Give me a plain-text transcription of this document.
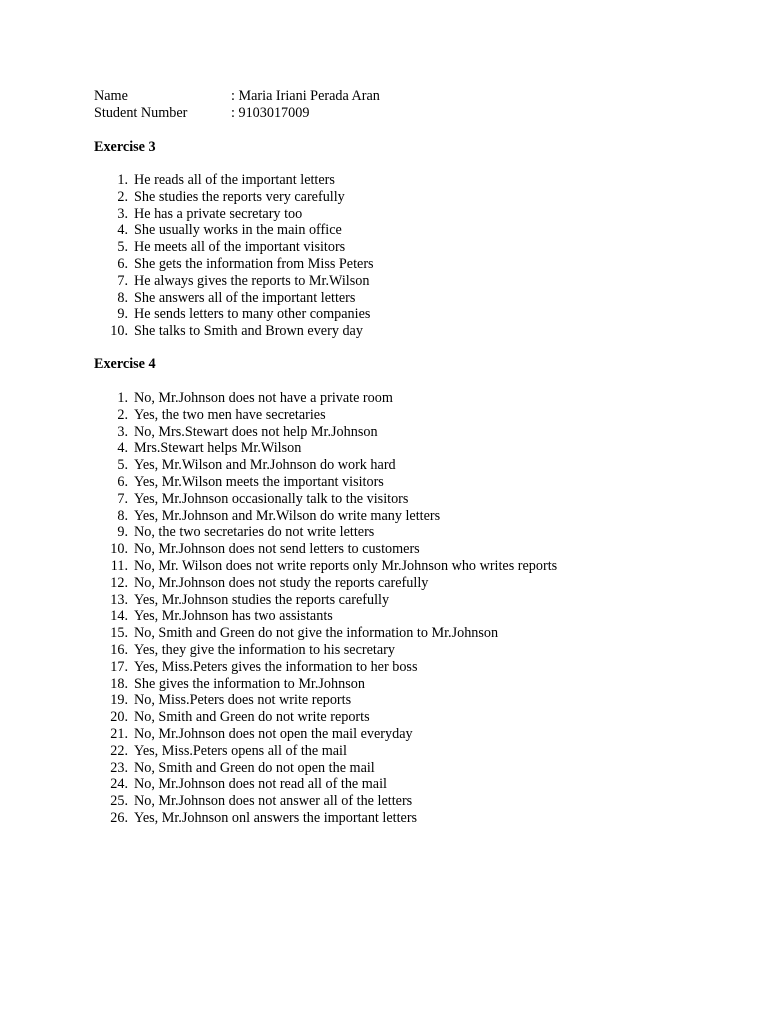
Name	: Maria Iriani Perada Aran
Student Number	: 9103017009
Exercise 3
1. He reads all of the important letters
2. She studies the reports very carefully
3. He has a private secretary too
4. She usually works in the main office
5. He meets all of the important visitors
6. She gets the information from Miss Peters
7. He always gives the reports to Mr.Wilson
8. She answers all of the important letters
9. He sends letters to many other companies
10. She talks to Smith and Brown every day
Exercise 4
1. No, Mr.Johnson does not have a private room
2. Yes, the two men have secretaries
3. No, Mrs.Stewart does not help Mr.Johnson
4. Mrs.Stewart helps Mr.Wilson
5. Yes, Mr.Wilson and Mr.Johnson do work hard
6. Yes, Mr.Wilson meets the important visitors
7. Yes, Mr.Johnson occasionally talk to the visitors
8. Yes, Mr.Johnson and Mr.Wilson do write many letters
9. No, the two secretaries do not write letters
10. No, Mr.Johnson does not send letters to customers
11. No, Mr. Wilson does not write reports only Mr.Johnson who writes reports
12. No, Mr.Johnson does not study the reports carefully
13. Yes, Mr.Johnson studies the reports carefully
14. Yes, Mr.Johnson has two assistants
15. No, Smith and Green do not give the information to Mr.Johnson
16. Yes, they give the information to his secretary
17. Yes, Miss.Peters gives the information to her boss
18. She gives the information to Mr.Johnson
19. No, Miss.Peters does not write reports
20. No, Smith and Green do not write reports
21. No, Mr.Johnson does not open the mail everyday
22. Yes, Miss.Peters opens all of the mail
23. No, Smith and Green do not open the mail
24. No, Mr.Johnson does not read all of the mail
25. No, Mr.Johnson does not answer all of the letters
26. Yes, Mr.Johnson onl answers the important letters
